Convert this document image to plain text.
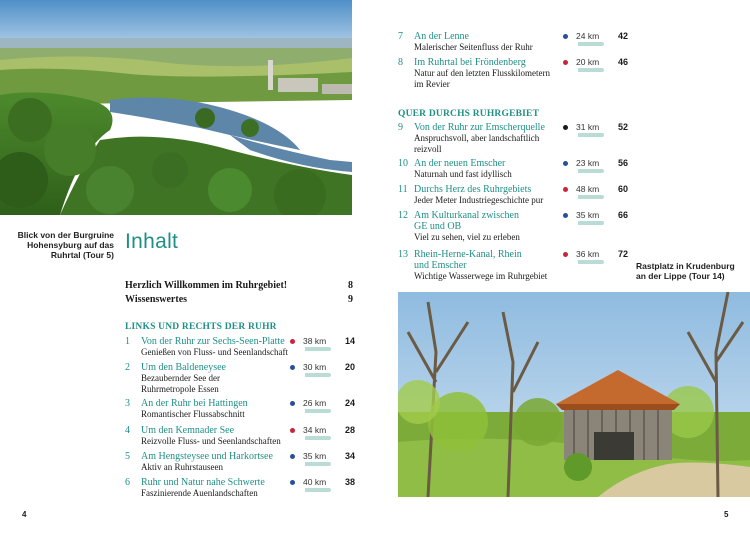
Blick von der Burgruine
Hohensyburg auf das
Ruhrtal (Tour 5)
Rastplatz in Krudenburg
an der Lippe (Tour 14)
Inhalt
Herzlich Willkommen im Ruhrgebiet!	8
Wissenswertes	9
LINKS UND RECHTS DER RUHR
QUER DURCHS RUHRGEBIET
1 Von der Ruhr zur Sechs-Seen-Platte
Genießen von Fluss- und Seenlandschaft
38 km	14
2 Um den Baldeneysee
Bezaubernder See der
Ruhrmetropole Essen
30 km	20
3 An der Ruhr bei Hattingen
Romantischer Flussabschnitt
26 km	24
4 Um den Kemnader See
Reizvolle Fluss- und Seenlandschaften
34 km	28
5 Am Hengsteysee und Harkortsee
Aktiv an Ruhrstauseen
35 km	34
6 Ruhr und Natur nahe Schwerte
Faszinierende Auenlandschaften
40 km	38
7 An der Lenne
Malerischer Seitenfluss der Ruhr
24 km	42
8 Im Ruhrtal bei Fröndenberg
Natur auf den letzten Flusskilometern
im Revier
20 km	46
9 Von der Ruhr zur Emscherquelle
Anspruchsvoll, aber landschaftlich
reizvoll
31 km	52
10 An der neuen Emscher
Naturnah und fast idyllisch
23 km	56
11 Durchs Herz des Ruhrgebiets
Jeder Meter Industriegeschichte pur
48 km	60
12 Am Kulturkanal zwischen
GE und OB
Viel zu sehen, viel zu erleben
35 km	66
13 Rhein-Herne-Kanal, Rhein
und Emscher
Wichtige Wasserwege im Ruhrgebiet
36 km	72
4	5
